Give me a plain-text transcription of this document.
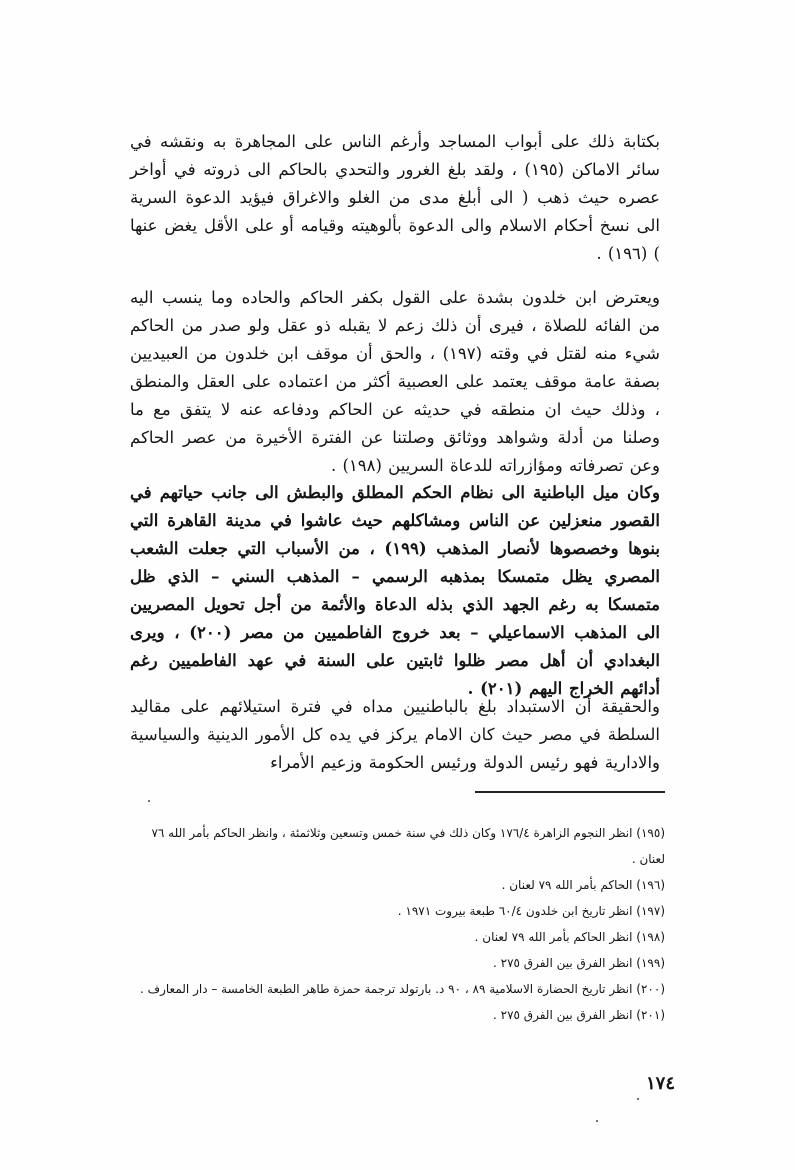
بكتابة ذلك على أبواب المساجد وأرغم الناس على المجاهرة به ونقشه في سائر الاماكن (١٩٥) ، ولقد بلغ الغرور والتحدي بالحاكم الى ذروته في أواخر عصره حيث ذهب ( الى أبلغ مدى من الغلو والاغراق فيؤيد الدعوة السرية الى نسخ أحكام الاسلام والى الدعوة بألوهيته وقيامه أو على الأقل يغض عنها ) (١٩٦) .

ويعترض ابن خلدون بشدة على القول بكفر الحاكم والحاده وما ينسب اليه من الفائه للصلاة ، فيرى أن ذلك زعم لا يقبله ذو عقل ولو صدر من الحاكم شيء منه لقتل في وقته (١٩٧) ، والحق أن موقف ابن خلدون من العبيديين بصفة عامة موقف يعتمد على العصبية أكثر من اعتماده على العقل والمنطق ، وذلك حيث ان منطقه في حديثه عن الحاكم ودفاعه عنه لا يتفق مع ما وصلنا من أدلة وشواهد ووثائق وصلتنا عن الفترة الأخيرة من عصر الحاكم وعن تصرفاته ومؤازراته للدعاة السريين (١٩٨) .

وكان ميل الباطنية الى نظام الحكم المطلق والبطش الى جانب حياتهم في القصور منعزلين عن الناس ومشاكلهم حيث عاشوا في مدينة القاهرة التي بنوها وخصصوها لأنصار المذهب (١٩٩) ، من الأسباب التي جعلت الشعب المصري يظل متمسكا بمذهبه الرسمي – المذهب السني – الذي ظل متمسكا به رغم الجهد الذي بذله الدعاة والأئمة من أجل تحويل المصريين الى المذهب الاسماعيلي – بعد خروج الفاطميين من مصر (٢٠٠) ، ويرى البغدادي أن أهل مصر ظلوا ثابتين على السنة في عهد الفاطميين رغم أدائهم الخراج اليهم (٢٠١) .

والحقيقة أن الاستبداد بلغ بالباطنيين مداه في فترة استيلائهم على مقاليد السلطة في مصر حيث كان الامام يركز في يده كل الأمور الدينية والسياسية والادارية فهو رئيس الدولة ورئيس الحكومة وزعيم الأمراء

(١٩٥) انظر النجوم الزاهرة ١٧٦/٤ وكان ذلك في سنة خمس وتسعين وثلاثمئة ، وانظر الحاكم بأمر الله ٧٦ لعنان .

(١٩٦) الحاكم بأمر الله ٧٩ لعنان .

(١٩٧) انظر تاريخ ابن خلدون ٦٠/٤ طبعة بيروت ١٩٧١ .

(١٩٨) انظر الحاكم بأمر الله ٧٩ لعنان .

(١٩٩) انظر الفرق بين الفرق ٢٧٥ .

(٢٠٠) انظر تاريخ الحضارة الاسلامية ٨٩ ، ٩٠ د. بارتولد ترجمة حمزة طاهر الطبعة الخامسة – دار المعارف .

(٢٠١) انظر الفرق بين الفرق ٢٧٥ .

١٧٤
